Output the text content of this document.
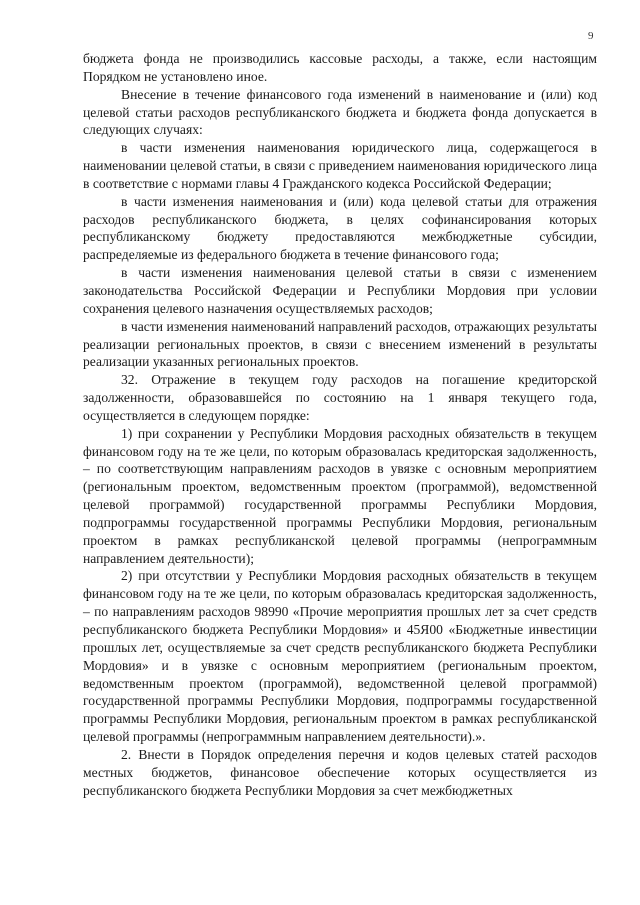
9

бюджета фонда не производились кассовые расходы, а также, если настоящим Порядком не установлено иное.

Внесение в течение финансового года изменений в наименование и (или) код целевой статьи расходов республиканского бюджета и бюджета фонда допускается в следующих случаях:

в части изменения наименования юридического лица, содержащегося в наименовании целевой статьи, в связи с приведением наименования юридического лица в соответствие с нормами главы 4 Гражданского кодекса Российской Федерации;

в части изменения наименования и (или) кода целевой статьи для отражения расходов республиканского бюджета, в целях софинансирования которых республиканскому бюджету предоставляются межбюджетные субсидии, распределяемые из федерального бюджета в течение финансового года;

в части изменения наименования целевой статьи в связи с изменением законодательства Российской Федерации и Республики Мордовия при условии сохранения целевого назначения осуществляемых расходов;

в части изменения наименований направлений расходов, отражающих результаты реализации региональных проектов, в связи с внесением изменений в результаты реализации указанных региональных проектов.

32. Отражение в текущем году расходов на погашение кредиторской задолженности, образовавшейся по состоянию на 1 января текущего года, осуществляется в следующем порядке:

1) при сохранении у Республики Мордовия расходных обязательств в текущем финансовом году на те же цели, по которым образовалась кредиторская задолженность, – по соответствующим направлениям расходов в увязке с основным мероприятием (региональным проектом, ведомственным проектом (программой), ведомственной целевой программой) государственной программы Республики Мордовия, подпрограммы государственной программы Республики Мордовия, региональным проектом в рамках республиканской целевой программы (непрограммным направлением деятельности);

2) при отсутствии у Республики Мордовия расходных обязательств в текущем финансовом году на те же цели, по которым образовалась кредиторская задолженность, – по направлениям расходов 98990 «Прочие мероприятия прошлых лет за счет средств республиканского бюджета Республики Мордовия» и 45Я00 «Бюджетные инвестиции прошлых лет, осуществляемые за счет средств республиканского бюджета Республики Мордовия» и в увязке с основным мероприятием (региональным проектом, ведомственным проектом (программой), ведомственной целевой программой) государственной программы Республики Мордовия, подпрограммы государственной программы Республики Мордовия, региональным проектом в рамках республиканской целевой программы (непрограммным направлением деятельности).».

2. Внести в Порядок определения перечня и кодов целевых статей расходов местных бюджетов, финансовое обеспечение которых осуществляется из республиканского бюджета Республики Мордовия за счет межбюджетных
